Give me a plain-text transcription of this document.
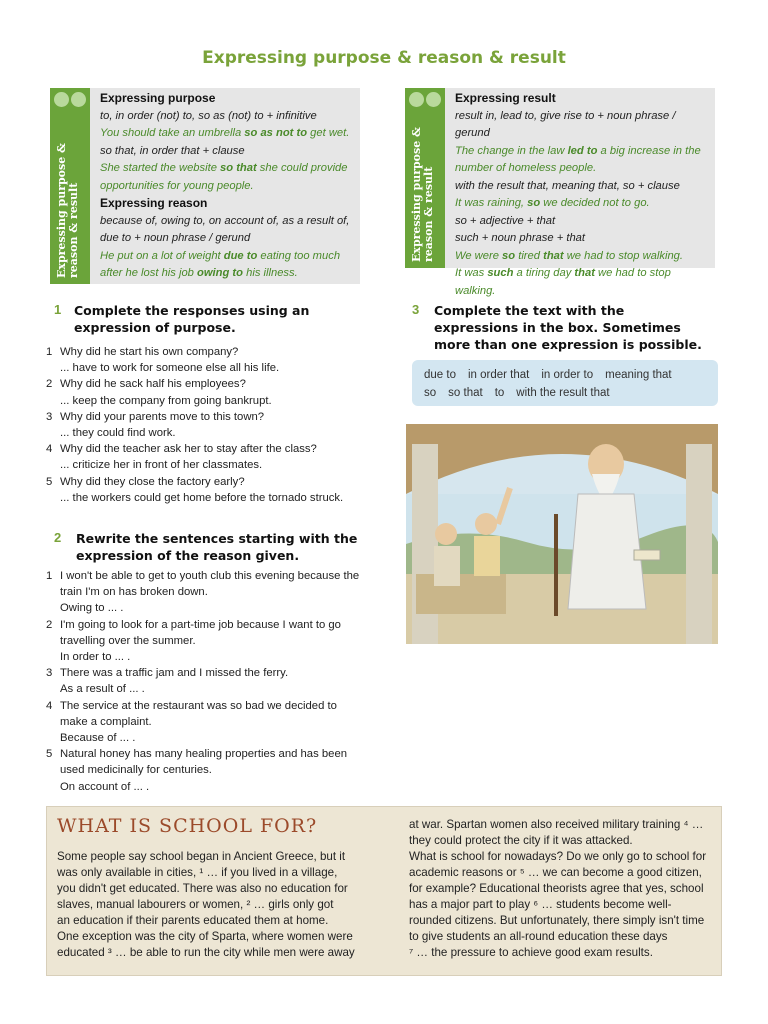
Expressing purpose & reason & result
Expressing purpose & reason & result
Expressing purpose
to, in order (not) to, so as (not) to + infinitive
You should take an umbrella so as not to get wet.
so that, in order that + clause
She started the website so that she could provide opportunities for young people.
Expressing reason
because of, owing to, on account of, as a result of, due to + noun phrase / gerund
He put on a lot of weight due to eating too much after he lost his job owing to his illness.
Expressing purpose & reason & result
Expressing result
result in, lead to, give rise to + noun phrase / gerund
The change in the law led to a big increase in the number of homeless people.
with the result that, meaning that, so + clause
It was raining, so we decided not to go.
so + adjective + that
such + noun phrase + that
We were so tired that we had to stop walking.
It was such a tiring day that we had to stop walking.
1 Complete the responses using an expression of purpose.
1 Why did he start his own company?
... have to work for someone else all his life.
2 Why did he sack half his employees?
... keep the company from going bankrupt.
3 Why did your parents move to this town?
... they could find work.
4 Why did the teacher ask her to stay after the class?
... criticize her in front of her classmates.
5 Why did they close the factory early?
... the workers could get home before the tornado struck.
2 Rewrite the sentences starting with the expression of the reason given.
1 I won't be able to get to youth club this evening because the train I'm on has broken down.
Owing to ... .
2 I'm going to look for a part-time job because I want to go travelling over the summer.
In order to ... .
3 There was a traffic jam and I missed the ferry.
As a result of ... .
4 The service at the restaurant was so bad we decided to make a complaint.
Because of ... .
5 Natural honey has many healing properties and has been used medicinally for centuries.
On account of ... .
3 Complete the text with the expressions in the box. Sometimes more than one expression is possible.
due to in order that in order to meaning that
so so that to with the result that
WHAT IS SCHOOL FOR?
Some people say school began in Ancient Greece, but it
was only available in cities, ¹ … if you lived in a village,
you didn't get educated. There was also no education for
slaves, manual labourers or women, ² … girls only got
an education if their parents educated them at home.
One exception was the city of Sparta, where women were
educated ³ … be able to run the city while men were away
at war. Spartan women also received military training ⁴ …
they could protect the city if it was attacked.
What is school for nowadays? Do we only go to school for
academic reasons or ⁵ … we can become a good citizen,
for example? Educational theorists agree that yes, school
has a major part to play ⁶ … students become well-
rounded citizens. But unfortunately, there simply isn't time
to give students an all-round education these days
⁷ … the pressure to achieve good exam results.
